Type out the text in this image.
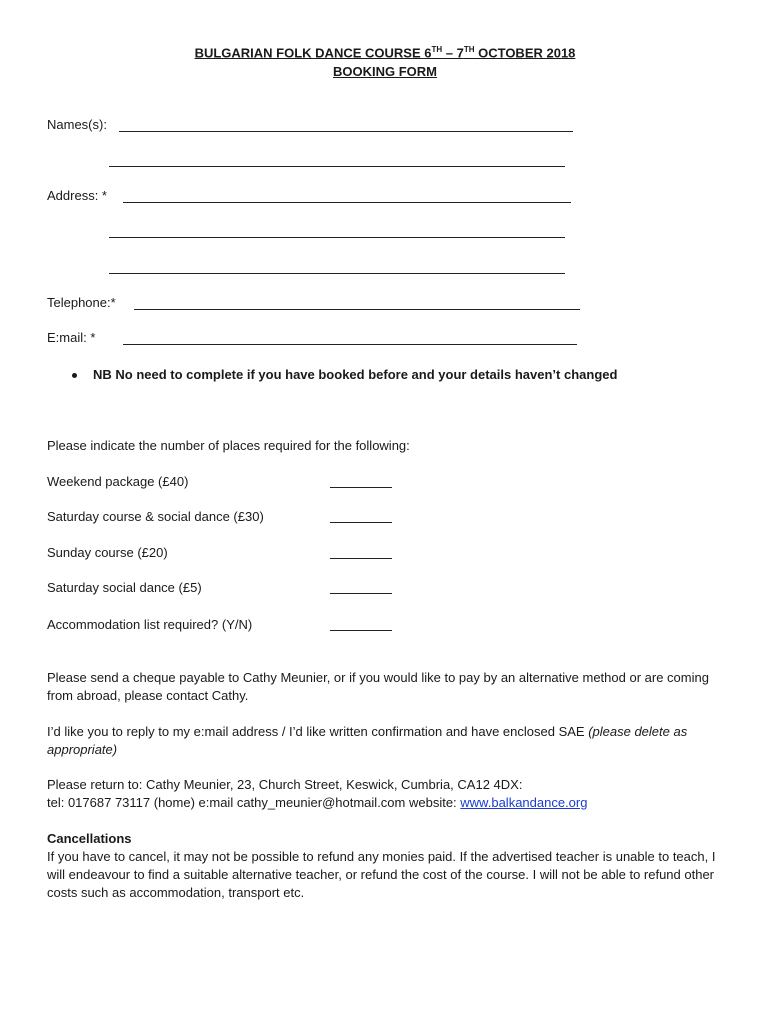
BULGARIAN FOLK DANCE COURSE 6TH – 7TH OCTOBER 2018
BOOKING FORM
Names(s):
Address: *
Telephone:*
E:mail: *
NB No need to complete if you have booked before and your details haven’t changed
Please indicate the number of places required for the following:
Weekend package (£40)
Saturday course & social dance (£30)
Sunday course (£20)
Saturday social dance (£5)
Accommodation list required? (Y/N)
Please send a cheque payable to Cathy Meunier, or if you would like to pay by an alternative method or are coming from abroad, please contact Cathy.
I’d like you to reply to my e:mail address / I’d like written confirmation and have enclosed SAE (please delete as appropriate)
Please return to: Cathy Meunier, 23, Church Street, Keswick, Cumbria, CA12 4DX:
tel: 017687 73117 (home) e:mail cathy_meunier@hotmail.com website: www.balkandance.org
Cancellations
If you have to cancel, it may not be possible to refund any monies paid. If the advertised teacher is unable to teach, I will endeavour to find a suitable alternative teacher, or refund the cost of the course. I will not be able to refund other costs such as accommodation, transport etc.
